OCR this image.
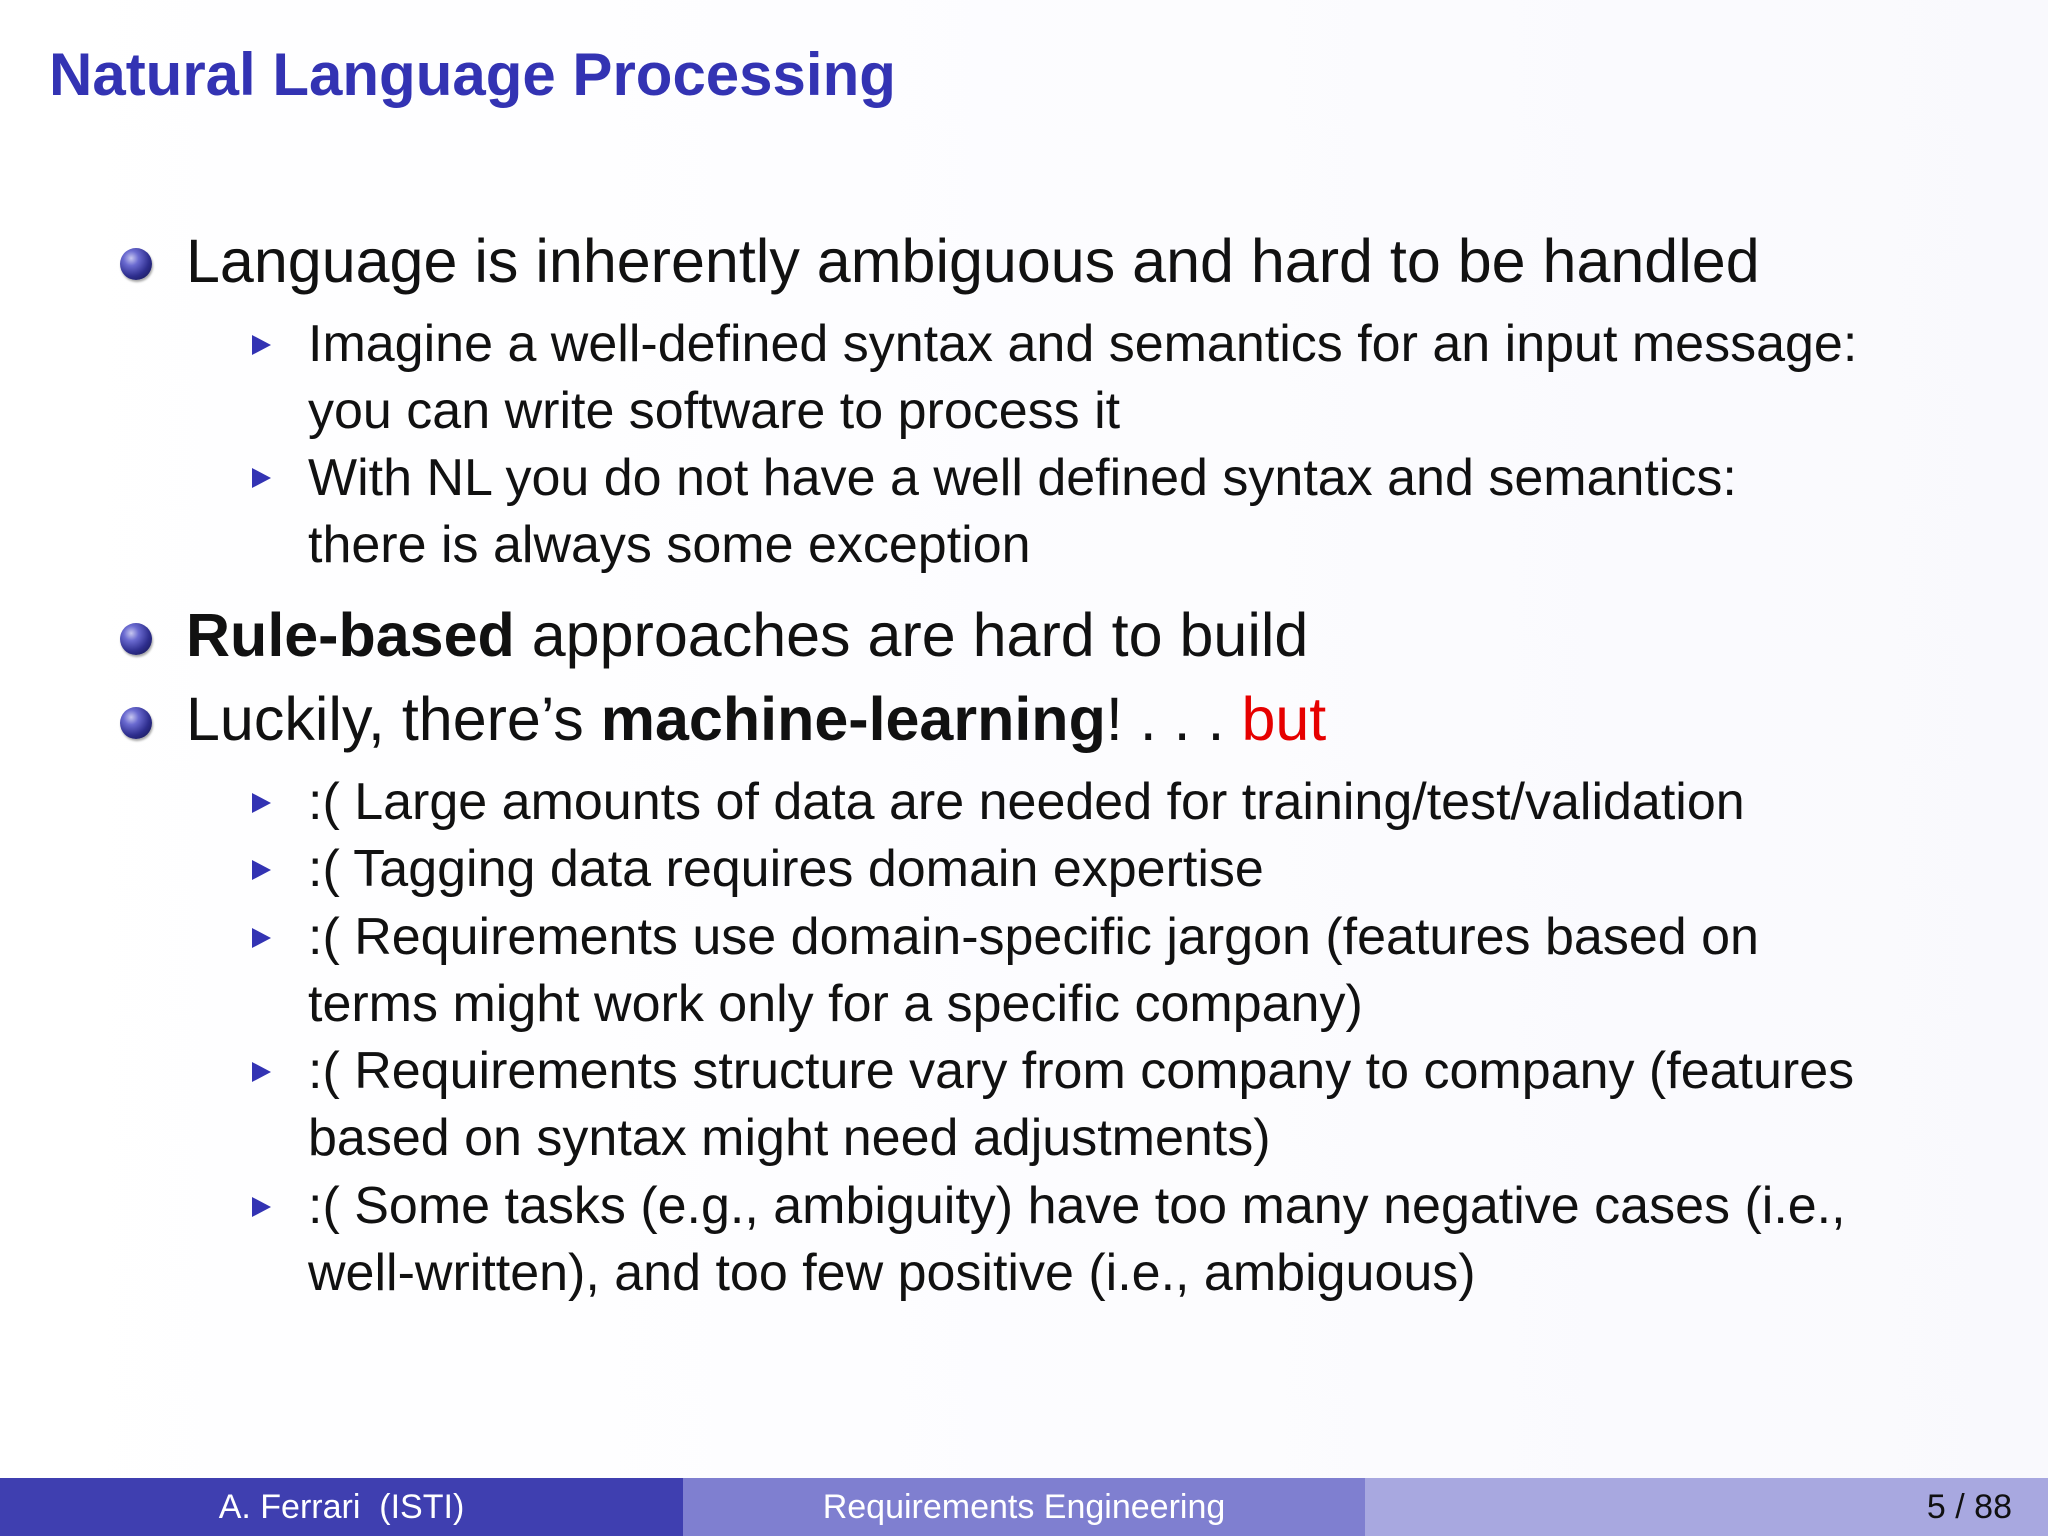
Natural Language Processing
Language is inherently ambiguous and hard to be handled
Imagine a well-defined syntax and semantics for an input message:
you can write software to process it
With NL you do not have a well defined syntax and semantics:
there is always some exception
Rule-based approaches are hard to build
Luckily, there’s machine-learning! . . . but
:( Large amounts of data are needed for training/test/validation
:( Tagging data requires domain expertise
:( Requirements use domain-specific jargon (features based on
terms might work only for a specific company)
:( Requirements structure vary from company to company (features
based on syntax might need adjustments)
:( Some tasks (e.g., ambiguity) have too many negative cases (i.e.,
well-written), and too few positive (i.e., ambiguous)
A. Ferrari  (ISTI)	Requirements Engineering	5 / 88
